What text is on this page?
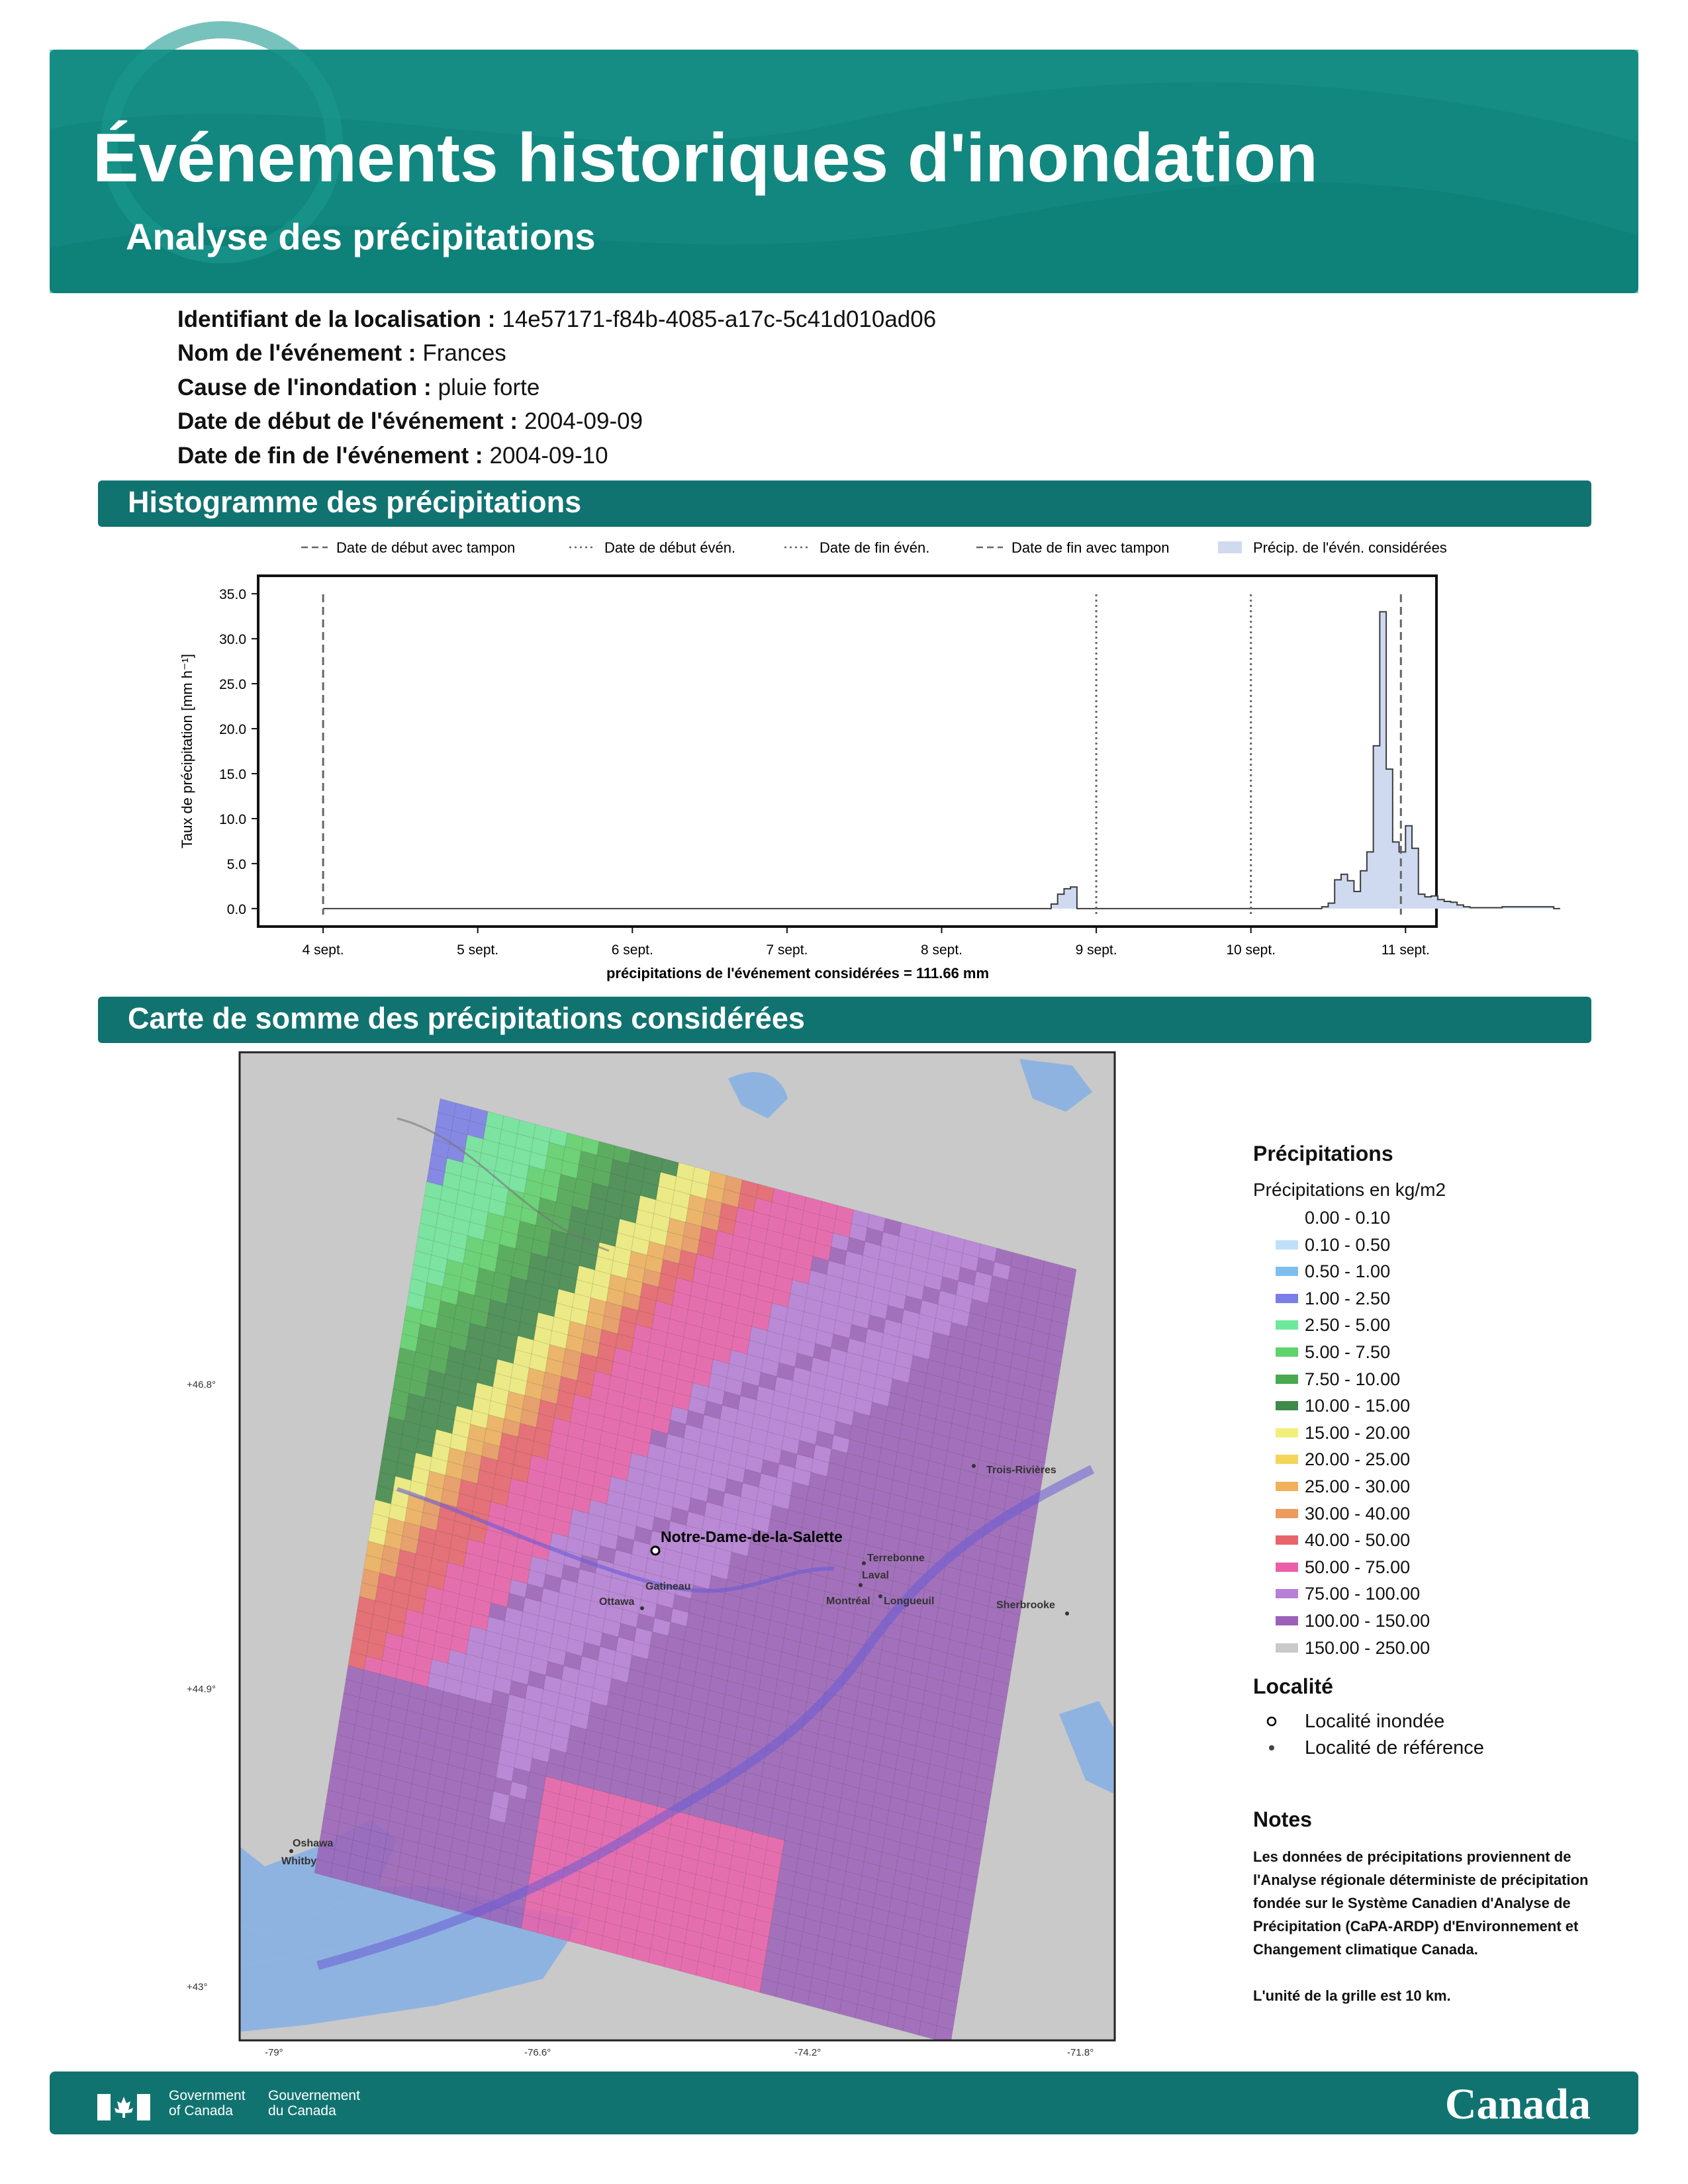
Événements historiques d'inondation
Analyse des précipitations
Identifiant de la localisation : 14e57171-f84b-4085-a17c-5c41d010ad06
Nom de l'événement : Frances
Cause de l'inondation : pluie forte
Date de début de l'événement : 2004-09-09
Date de fin de l'événement : 2004-09-10
Histogramme des précipitations
Date de début avec tampon	Date de début évén.	Date de fin évén.	Date de fin avec tampon	Précip. de l'évén. considérées
0.0
5.0
10.0
15.0
20.0
25.0
30.0
35.0
4 sept.	5 sept.	6 sept.	7 sept.	8 sept.	9 sept.	10 sept.	11 sept.
Taux de précipitation [mm h⁻¹]
précipitations de l'événement considérées = 111.66 mm
Carte de somme des précipitations considérées
Notre-Dame-de-la-Salette
Trois-Rivières
Terrebonne
Laval
Gatineau
Ottawa	Montréal Longueuil	Sherbrooke
Oshawa
Whitby
+46.8°
+44.9°
+43°
-79°	-76.6°	-74.2°	-71.8°
Précipitations
Précipitations en kg/m2
0.00 - 0.10
0.10 - 0.50
0.50 - 1.00
1.00 - 2.50
2.50 - 5.00
5.00 - 7.50
7.50 - 10.00
10.00 - 15.00
15.00 - 20.00
20.00 - 25.00
25.00 - 30.00
30.00 - 40.00
40.00 - 50.00
50.00 - 75.00
75.00 - 100.00
100.00 - 150.00
150.00 - 250.00
Localité
Localité inondée
Localité de référence
Notes
Les données de précipitations proviennent de l'Analyse régionale déterministe de précipitation fondée sur le Système Canadien d'Analyse de Précipitation (CaPA-ARDP) d'Environnement et Changement climatique Canada.
L'unité de la grille est 10 km.
Government
of Canada
Gouvernement
du Canada	Canada
